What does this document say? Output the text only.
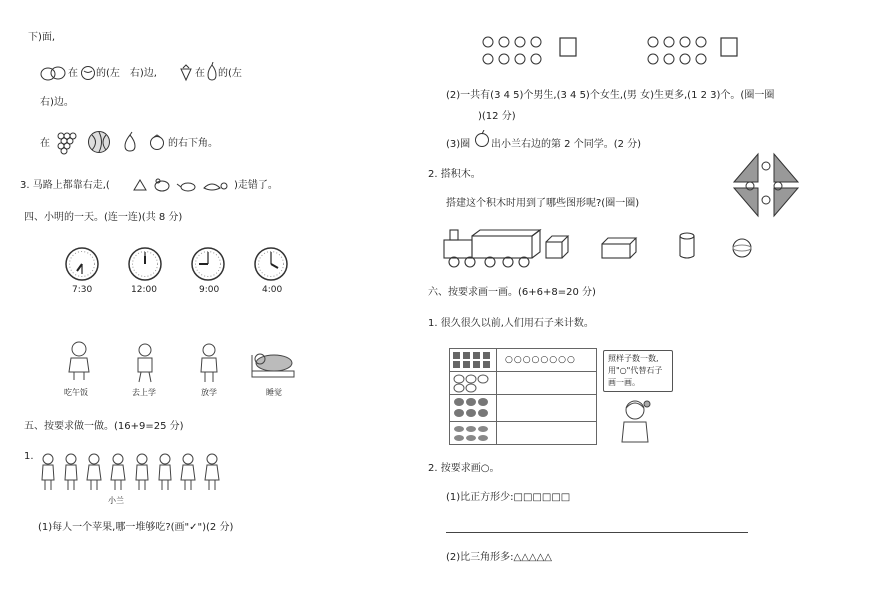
下)面,
在 的(左　右)边,	在 的(左
右)边。
在	的右下角。
3. 马路上都靠右走,(	)走错了。
四、小明的一天。(连一连)(共 8 分)
7:30	12:00	9:00	4:00
吃午饭	去上学	放学	睡觉
五、按要求做一做。(16+9=25 分)
1.
小兰
(1)每人一个苹果,哪一堆够吃?(画"✓")(2 分)
(2)一共有(3 4 5)个男生,(3 4 5)个女生,(男 女)生更多,(1 2 3)个。(圈一圈
)(12 分)
(3)圈 出小兰右边的第 2 个同学。(2 分)
2. 搭积木。
搭建这个积木时用到了哪些图形呢?(圈一圈)
六、按要求画一画。(6+6+8=20 分)
1. 很久很久以前,人们用石子来计数。
	○○○○○○○○

		照样子数一数,用"○"代替石子画一画。
2. 按要求画○。
(1)比正方形少:□□□□□□
(2)比三角形多:△△△△△
